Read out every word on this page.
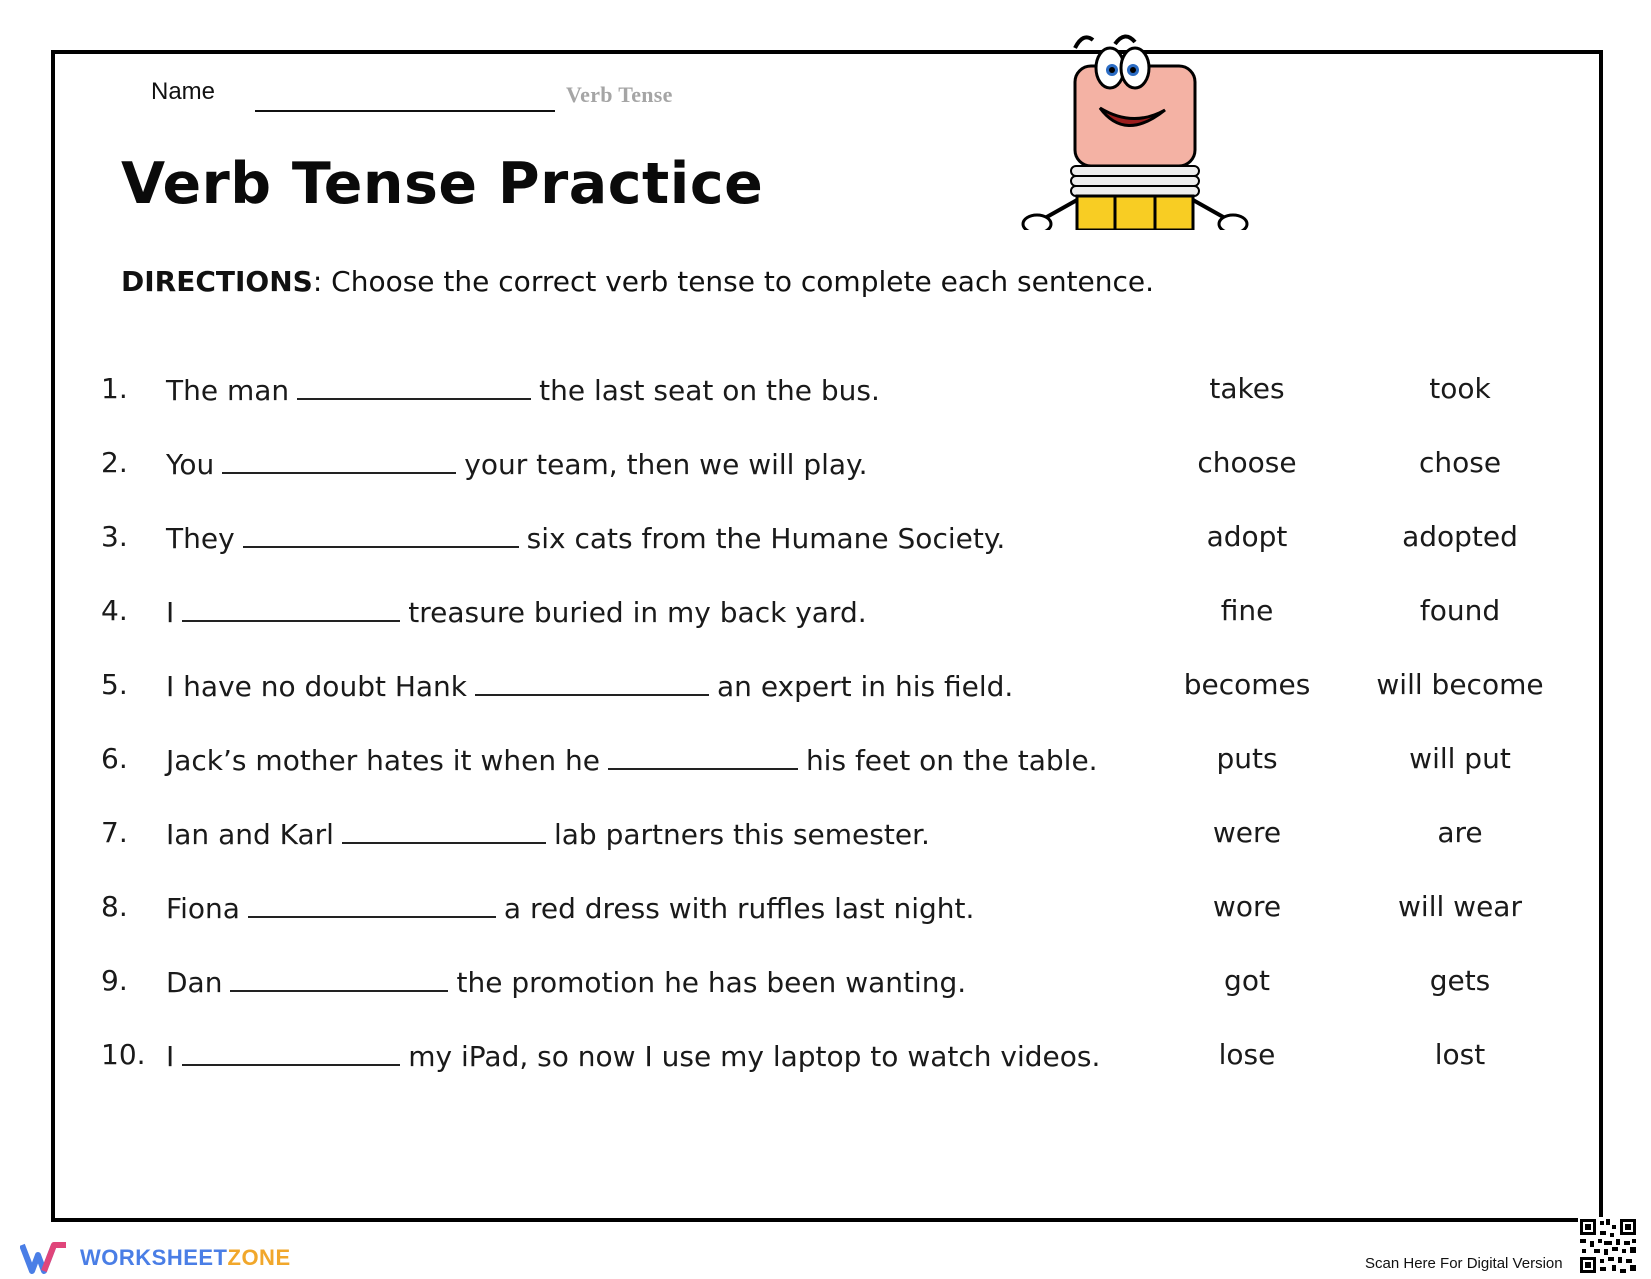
Name	Verb Tense
Verb Tense Practice
DIRECTIONS: Choose the correct verb tense to complete each sentence.
1. The man	the last seat on the bus.	takes	took
2. You	your team, then we will play.	choose	chose
3. They	six cats from the Humane Society.	adopt	adopted
4. I	treasure buried in my back yard.	fine	found
5. I have no doubt Hank	an expert in his field.	becomes	will become
6. Jack’s mother hates it when he	his feet on the table.	puts	will put
7. Ian and Karl	lab partners this semester.	were	are
8. Fiona	a red dress with ruffles last night.	wore	will wear
9. Dan	the promotion he has been wanting.	got	gets
10. I	my iPad, so now I use my laptop to watch videos.	lose	lost
WORKSHEETZONE	Scan Here For Digital Version
